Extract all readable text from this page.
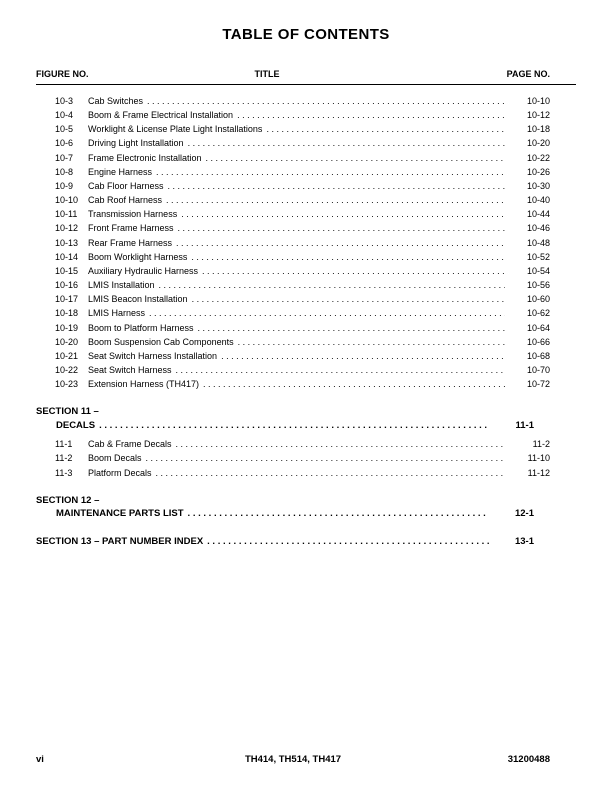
TABLE OF CONTENTS
FIGURE NO.	TITLE	PAGE NO.
10-3	Cab Switches . . .	10-10
10-4	Boom & Frame Electrical Installation . . .	10-12
10-5	Worklight & License Plate Light Installations . . .	10-18
10-6	Driving Light Installation . . .	10-20
10-7	Frame Electronic Installation . . .	10-22
10-8	Engine Harness . . .	10-26
10-9	Cab Floor Harness . . .	10-30
10-10	Cab Roof Harness . . .	10-40
10-11	Transmission Harness . . .	10-44
10-12	Front Frame Harness . . .	10-46
10-13	Rear Frame Harness . . .	10-48
10-14	Boom Worklight Harness . . .	10-52
10-15	Auxiliary Hydraulic Harness . . .	10-54
10-16	LMIS Installation . . .	10-56
10-17	LMIS Beacon Installation . . .	10-60
10-18	LMIS Harness . . .	10-62
10-19	Boom to Platform Harness . . .	10-64
10-20	Boom Suspension Cab Components . . .	10-66
10-21	Seat Switch Harness Installation . . .	10-68
10-22	Seat Switch Harness . . .	10-70
10-23	Extension Harness (TH417) . . .	10-72
SECTION 11 –
DECALS . . .	11-1
11-1	Cab & Frame Decals . . .	11-2
11-2	Boom Decals . . .	11-10
11-3	Platform Decals . . .	11-12
SECTION 12 –
MAINTENANCE PARTS LIST . . .	12-1
SECTION 13 – PART NUMBER INDEX . . .	13-1
vi	TH414, TH514, TH417	31200488
